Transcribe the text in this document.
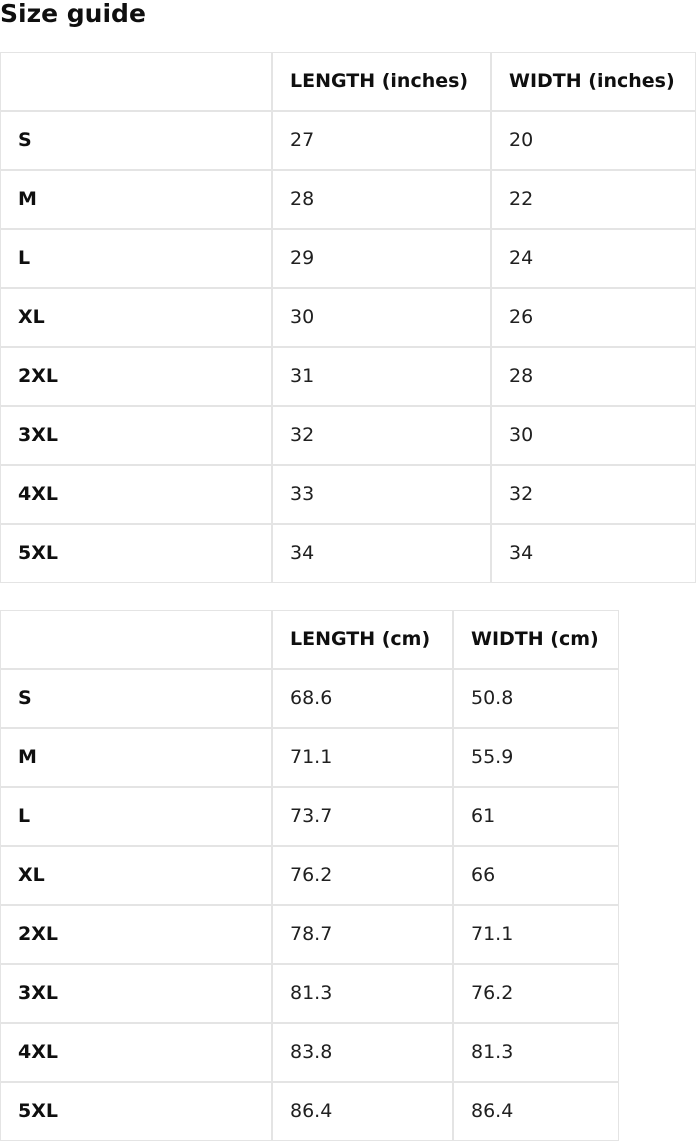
Size guide
	LENGTH (inches)	WIDTH (inches)
S	27	20
M	28	22
L	29	24
XL	30	26
2XL	31	28
3XL	32	30
4XL	33	32
5XL	34	34
	LENGTH (cm)	WIDTH (cm)
S	68.6	50.8
M	71.1	55.9
L	73.7	61
XL	76.2	66
2XL	78.7	71.1
3XL	81.3	76.2
4XL	83.8	81.3
5XL	86.4	86.4
